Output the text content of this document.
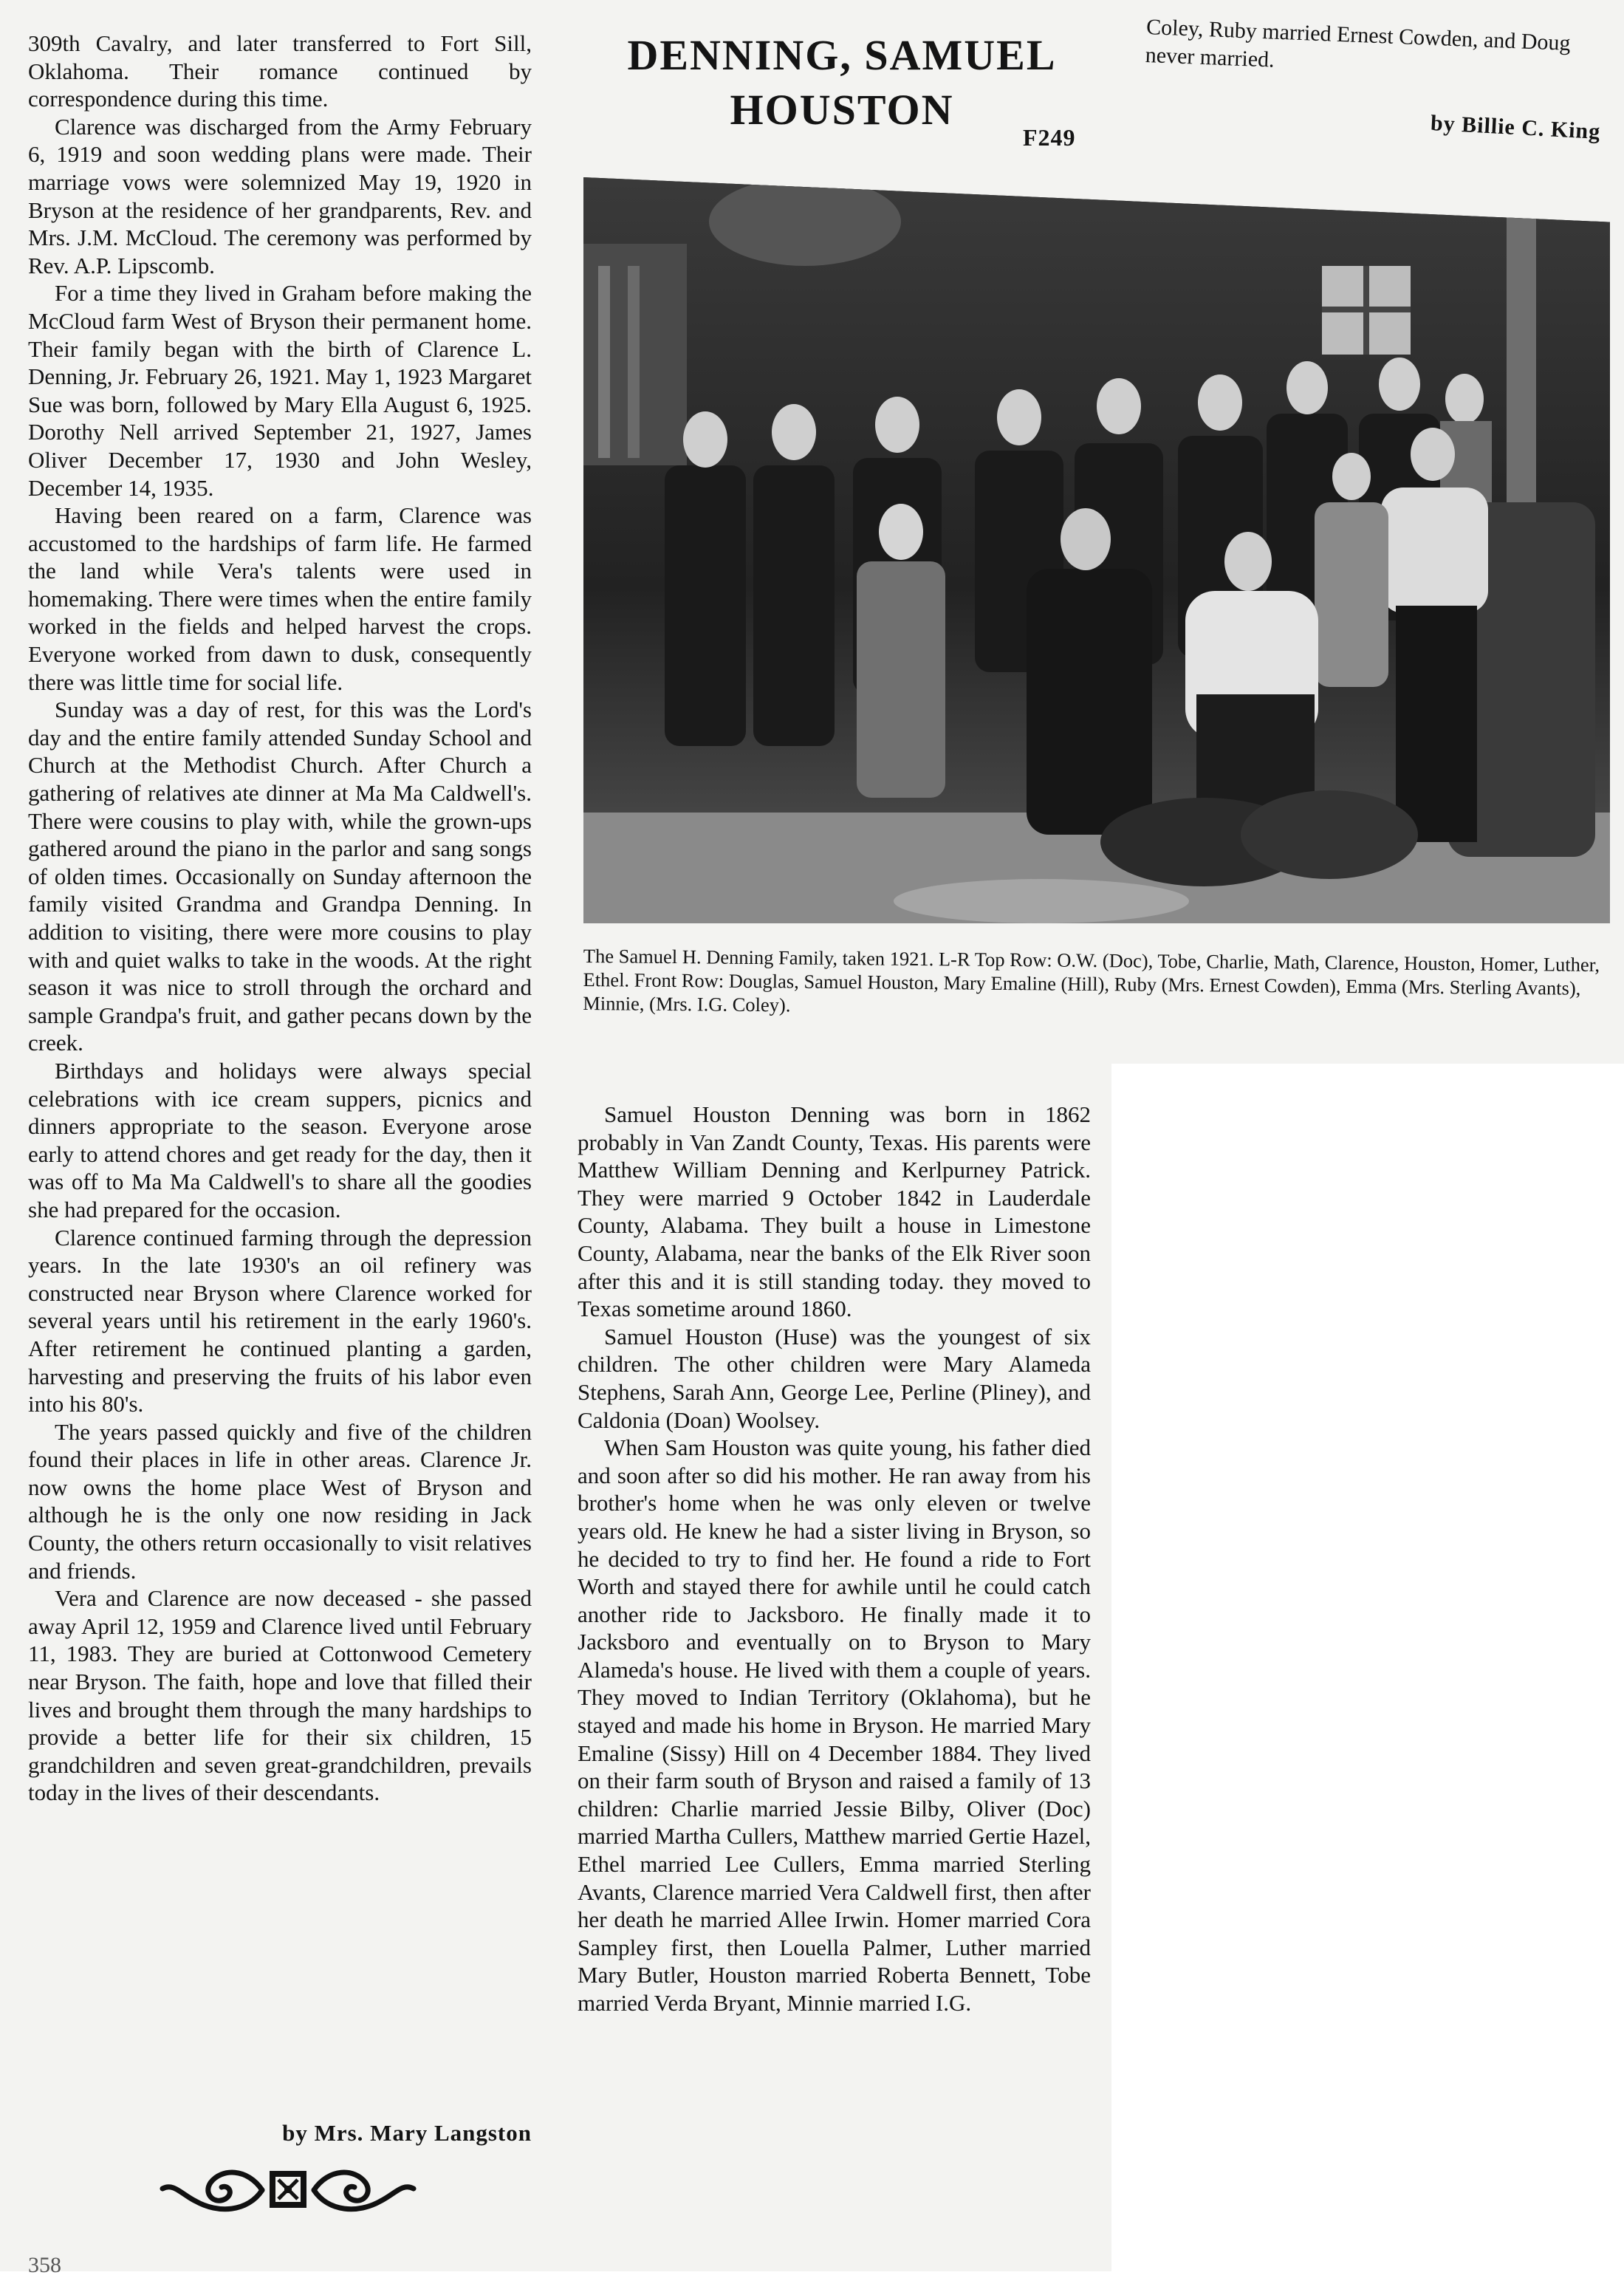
309th Cavalry, and later transferred to Fort Sill, Oklahoma. Their romance continued by correspondence during this time.

Clarence was discharged from the Army February 6, 1919 and soon wedding plans were made. Their marriage vows were solemnized May 19, 1920 in Bryson at the residence of her grandparents, Rev. and Mrs. J.M. McCloud. The ceremony was performed by Rev. A.P. Lipscomb.

For a time they lived in Graham before making the McCloud farm West of Bryson their permanent home. Their family began with the birth of Clarence L. Denning, Jr. February 26, 1921. May 1, 1923 Margaret Sue was born, followed by Mary Ella August 6, 1925. Dorothy Nell arrived September 21, 1927, James Oliver December 17, 1930 and John Wesley, December 14, 1935.

Having been reared on a farm, Clarence was accustomed to the hardships of farm life. He farmed the land while Vera's talents were used in homemaking. There were times when the entire family worked in the fields and helped harvest the crops. Everyone worked from dawn to dusk, consequently there was little time for social life.

Sunday was a day of rest, for this was the Lord's day and the entire family attended Sunday School and Church at the Methodist Church. After Church a gathering of relatives ate dinner at Ma Ma Caldwell's. There were cousins to play with, while the grown-ups gathered around the piano in the parlor and sang songs of olden times. Occasionally on Sunday afternoon the family visited Grandma and Grandpa Denning. In addition to visiting, there were more cousins to play with and quiet walks to take in the woods. At the right season it was nice to stroll through the orchard and sample Grandpa's fruit, and gather pecans down by the creek.

Birthdays and holidays were always special celebrations with ice cream suppers, picnics and dinners appropriate to the season. Everyone arose early to attend chores and get ready for the day, then it was off to Ma Ma Caldwell's to share all the goodies she had prepared for the occasion.

Clarence continued farming through the depression years. In the late 1930's an oil refinery was constructed near Bryson where Clarence worked for several years until his retirement in the early 1960's. After retirement he continued planting a garden, harvesting and preserving the fruits of his labor even into his 80's.

The years passed quickly and five of the children found their places in life in other areas. Clarence Jr. now owns the home place West of Bryson and although he is the only one now residing in Jack County, the others return occasionally to visit relatives and friends.

Vera and Clarence are now deceased - she passed away April 12, 1959 and Clarence lived until February 11, 1983. They are buried at Cottonwood Cemetery near Bryson. The faith, hope and love that filled their lives and brought them through the many hardships to provide a better life for their six children, 15 grandchildren and seven great-grandchildren, prevails today in the lives of their descendants.

by Mrs. Mary Langston
358
DENNING, SAMUEL HOUSTON
F249
Coley, Ruby married Ernest Cowden, and Doug never married.
by Billie C. King
The Samuel H. Denning Family, taken 1921. L-R Top Row: O.W. (Doc), Tobe, Charlie, Math, Clarence, Houston, Homer, Luther, Ethel. Front Row: Douglas, Samuel Houston, Mary Emaline (Hill), Ruby (Mrs. Ernest Cowden), Emma (Mrs. Sterling Avants), Minnie, (Mrs. I.G. Coley).

Samuel Houston Denning was born in 1862 probably in Van Zandt County, Texas. His parents were Matthew William Denning and Kerlpurney Patrick. They were married 9 October 1842 in Lauderdale County, Alabama. They built a house in Limestone County, Alabama, near the banks of the Elk River soon after this and it is still standing today. they moved to Texas sometime around 1860.

Samuel Houston (Huse) was the youngest of six children. The other children were Mary Alameda Stephens, Sarah Ann, George Lee, Perline (Pliney), and Caldonia (Doan) Woolsey.

When Sam Houston was quite young, his father died and soon after so did his mother. He ran away from his brother's home when he was only eleven or twelve years old. He knew he had a sister living in Bryson, so he decided to try to find her. He found a ride to Fort Worth and stayed there for awhile until he could catch another ride to Jacksboro. He finally made it to Jacksboro and eventually on to Bryson to Mary Alameda's house. He lived with them a couple of years. They moved to Indian Territory (Oklahoma), but he stayed and made his home in Bryson. He married Mary Emaline (Sissy) Hill on 4 December 1884. They lived on their farm south of Bryson and raised a family of 13 children: Charlie married Jessie Bilby, Oliver (Doc) married Martha Cullers, Matthew married Gertie Hazel, Ethel married Lee Cullers, Emma married Sterling Avants, Clarence married Vera Caldwell first, then after her death he married Allee Irwin. Homer married Cora Sampley first, then Louella Palmer, Luther married Mary Butler, Houston married Roberta Bennett, Tobe married Verda Bryant, Minnie married I.G.
